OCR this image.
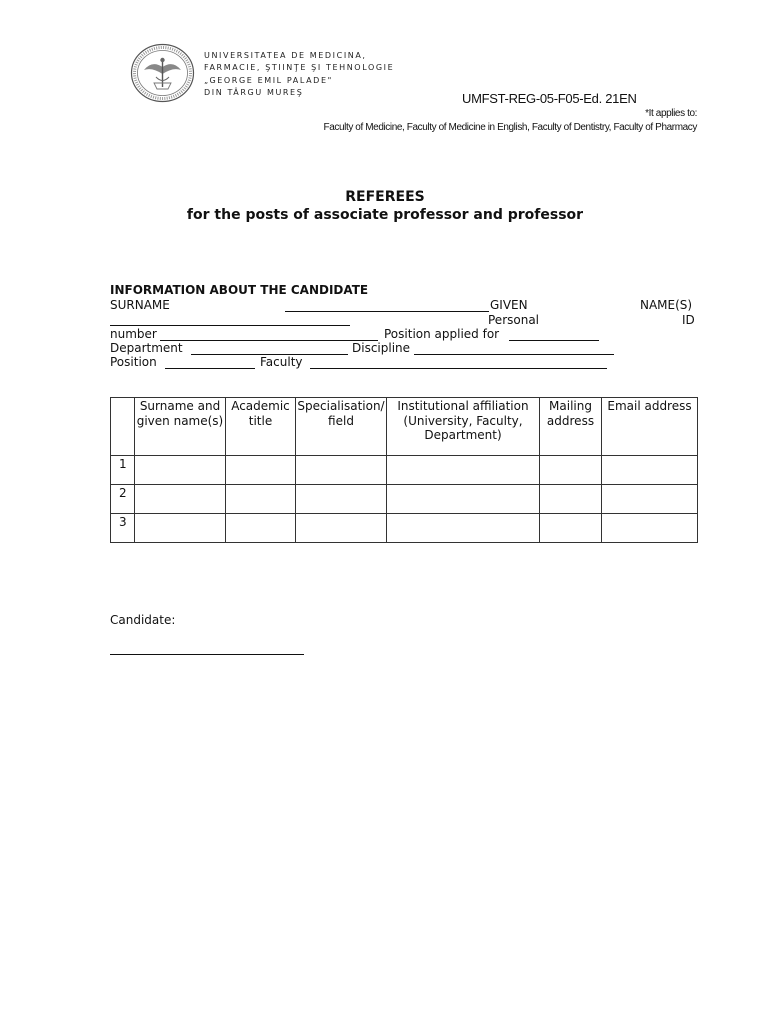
UNIVERSITATEA DE MEDICINA,
FARMACIE, ŞTIINŢE ŞI TEHNOLOGIE
„GEORGE EMIL PALADE"
DIN TÂRGU MUREŞ	UMFST-REG-05-F05-Ed. 21EN
*It applies to:
Faculty of Medicine, Faculty of Medicine in English, Faculty of Dentistry, Faculty of Pharmacy
REFEREES
for the posts of associate professor and professor
INFORMATION ABOUT THE CANDIDATE
SURNAME	GIVEN	NAME(S)
Personal	ID
number	Position applied for
Department	Discipline
Position	Faculty
	Surname and given name(s)	Academic title	Specialisation/ field	Institutional affiliation (University, Faculty, Department)	Mailing address	Email address
1						
2						
3						
Candidate:
